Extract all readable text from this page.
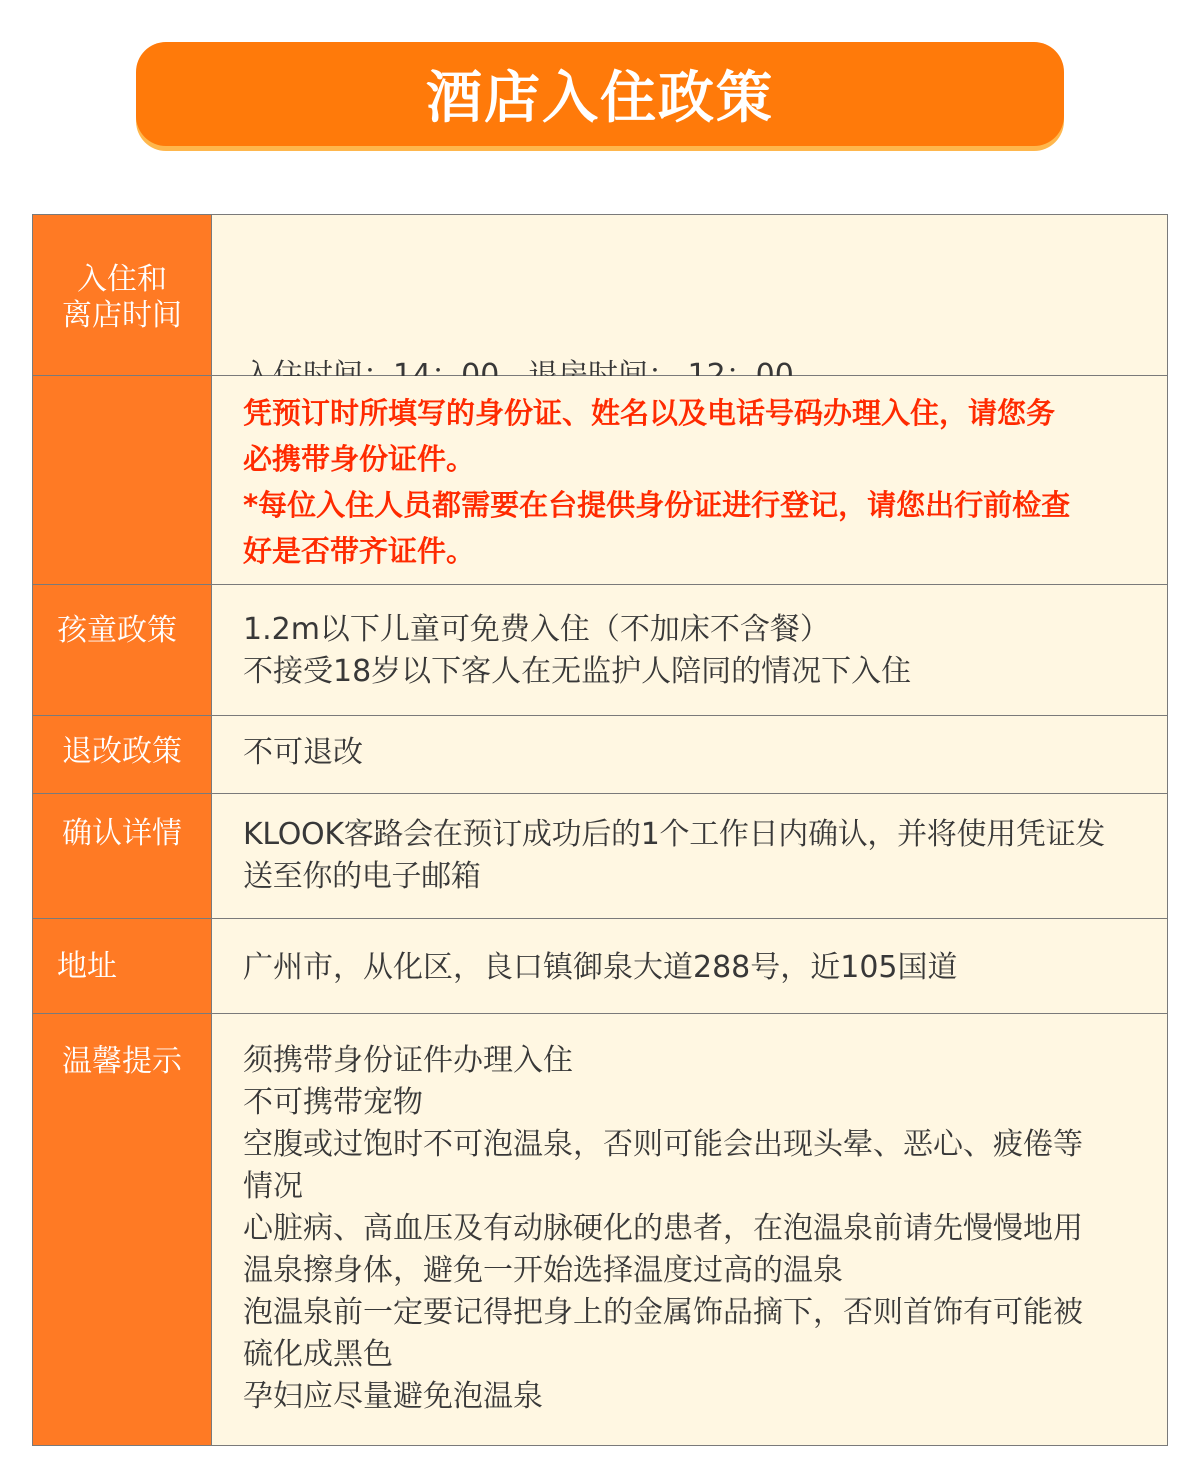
酒店入住政策
入住和
离店时间

凭预订时所填写的身份证、姓名以及电话号码办理入住，请您务
必携带身份证件。
*每位入住人员都需要在台提供身份证进行登记，请您出行前检查
好是否带齐证件。
孩童政策 1.2m以下儿童可免费入住（不加床不含餐）
不接受18岁以下客人在无监护人陪同的情况下入住
退改政策 不可退改
确认详情 KLOOK客路会在预订成功后的1个工作日内确认，并将使用凭证发
送至你的电子邮箱
地址	广州市，从化区，良口镇御泉大道288号，近105国道
温馨提示 须携带身份证件办理入住
不可携带宠物
空腹或过饱时不可泡温泉，否则可能会出现头晕、恶心、疲倦等
情况
心脏病、高血压及有动脉硬化的患者，在泡温泉前请先慢慢地用
温泉擦身体，避免一开始选择温度过高的温泉
泡温泉前一定要记得把身上的金属饰品摘下，否则首饰有可能被
硫化成黑色
孕妇应尽量避免泡温泉
